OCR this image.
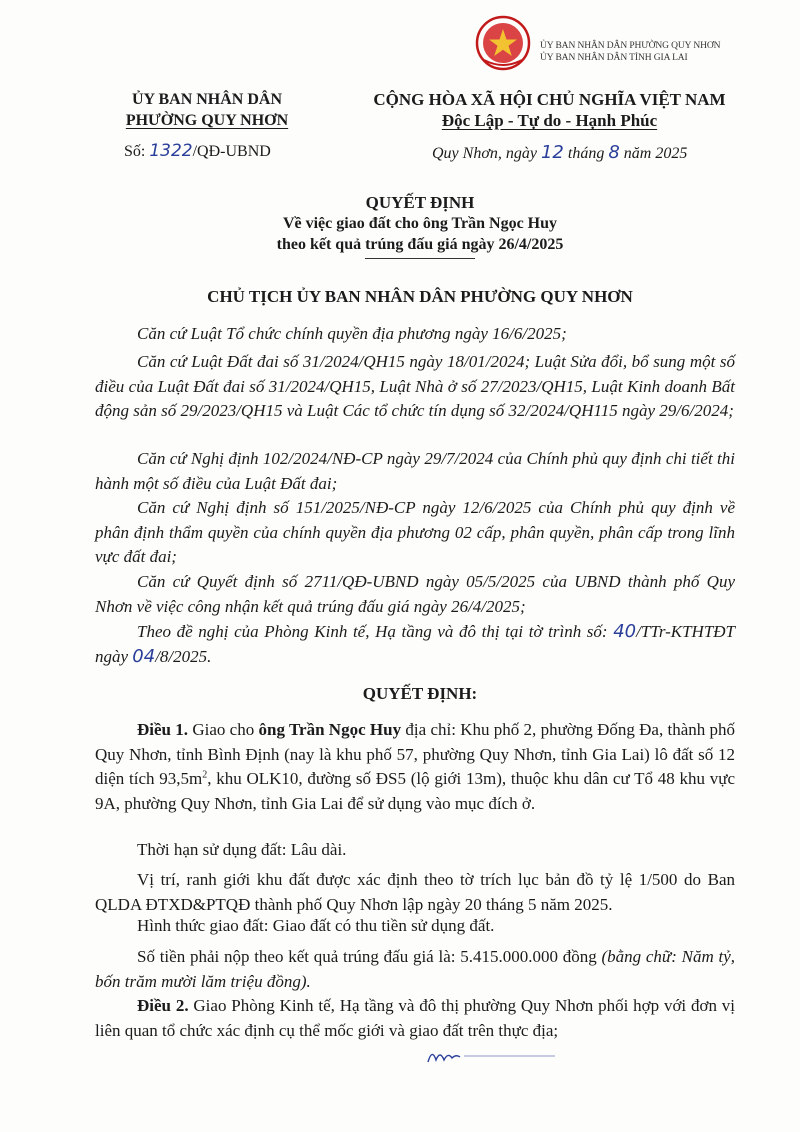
ỦY BAN NHÂN DÂN PHƯỜNG QUY NHƠN
ỦY BAN NHÂN DÂN TỈNH GIA LAI
ỦY BAN NHÂN DÂN
PHƯỜNG QUY NHƠN
Số: 1322/QĐ-UBND
CỘNG HÒA XÃ HỘI CHỦ NGHĨA VIỆT NAM
Độc Lập - Tự do - Hạnh Phúc
Quy Nhơn, ngày 12 tháng 8 năm 2025
QUYẾT ĐỊNH
Về việc giao đất cho ông Trần Ngọc Huy
theo kết quả trúng đấu giá ngày 26/4/2025
CHỦ TỊCH ỦY BAN NHÂN DÂN PHƯỜNG QUY NHƠN
Căn cứ Luật Tổ chức chính quyền địa phương ngày 16/6/2025;
Căn cứ Luật Đất đai số 31/2024/QH15 ngày 18/01/2024; Luật Sửa đổi, bổ sung một số điều của Luật Đất đai số 31/2024/QH15, Luật Nhà ở số 27/2023/QH15, Luật Kinh doanh Bất động sản số 29/2023/QH15 và Luật Các tổ chức tín dụng số 32/2024/QH115 ngày 29/6/2024;
Căn cứ Nghị định 102/2024/NĐ-CP ngày 29/7/2024 của Chính phủ quy định chi tiết thi hành một số điều của Luật Đất đai;
Căn cứ Nghị định số 151/2025/NĐ-CP ngày 12/6/2025 của Chính phủ quy định về phân định thẩm quyền của chính quyền địa phương 02 cấp, phân quyền, phân cấp trong lĩnh vực đất đai;
Căn cứ Quyết định số 2711/QĐ-UBND ngày 05/5/2025 của UBND thành phố Quy Nhơn về việc công nhận kết quả trúng đấu giá ngày 26/4/2025;
Theo đề nghị của Phòng Kinh tế, Hạ tầng và đô thị tại tờ trình số: 40/TTr-KTHTĐT ngày 04/8/2025.
QUYẾT ĐỊNH:
Điều 1. Giao cho ông Trần Ngọc Huy địa chỉ: Khu phố 2, phường Đống Đa, thành phố Quy Nhơn, tỉnh Bình Định (nay là khu phố 57, phường Quy Nhơn, tỉnh Gia Lai) lô đất số 12 diện tích $93,5m^2$, khu OLK10, đường số ĐS5 (lộ giới 13m), thuộc khu dân cư Tổ 48 khu vực 9A, phường Quy Nhơn, tỉnh Gia Lai để sử dụng vào mục đích ở.
Thời hạn sử dụng đất: Lâu dài.
Vị trí, ranh giới khu đất được xác định theo tờ trích lục bản đồ tỷ lệ 1/500 do Ban QLDA ĐTXD&PTQĐ thành phố Quy Nhơn lập ngày 20 tháng 5 năm 2025.
Hình thức giao đất: Giao đất có thu tiền sử dụng đất.
Số tiền phải nộp theo kết quả trúng đấu giá là: 5.415.000.000 đồng (bằng chữ: Năm tỷ, bốn trăm mười lăm triệu đồng).
Điều 2. Giao Phòng Kinh tế, Hạ tầng và đô thị phường Quy Nhơn phối hợp với đơn vị liên quan tổ chức xác định cụ thể mốc giới và giao đất trên thực địa;
